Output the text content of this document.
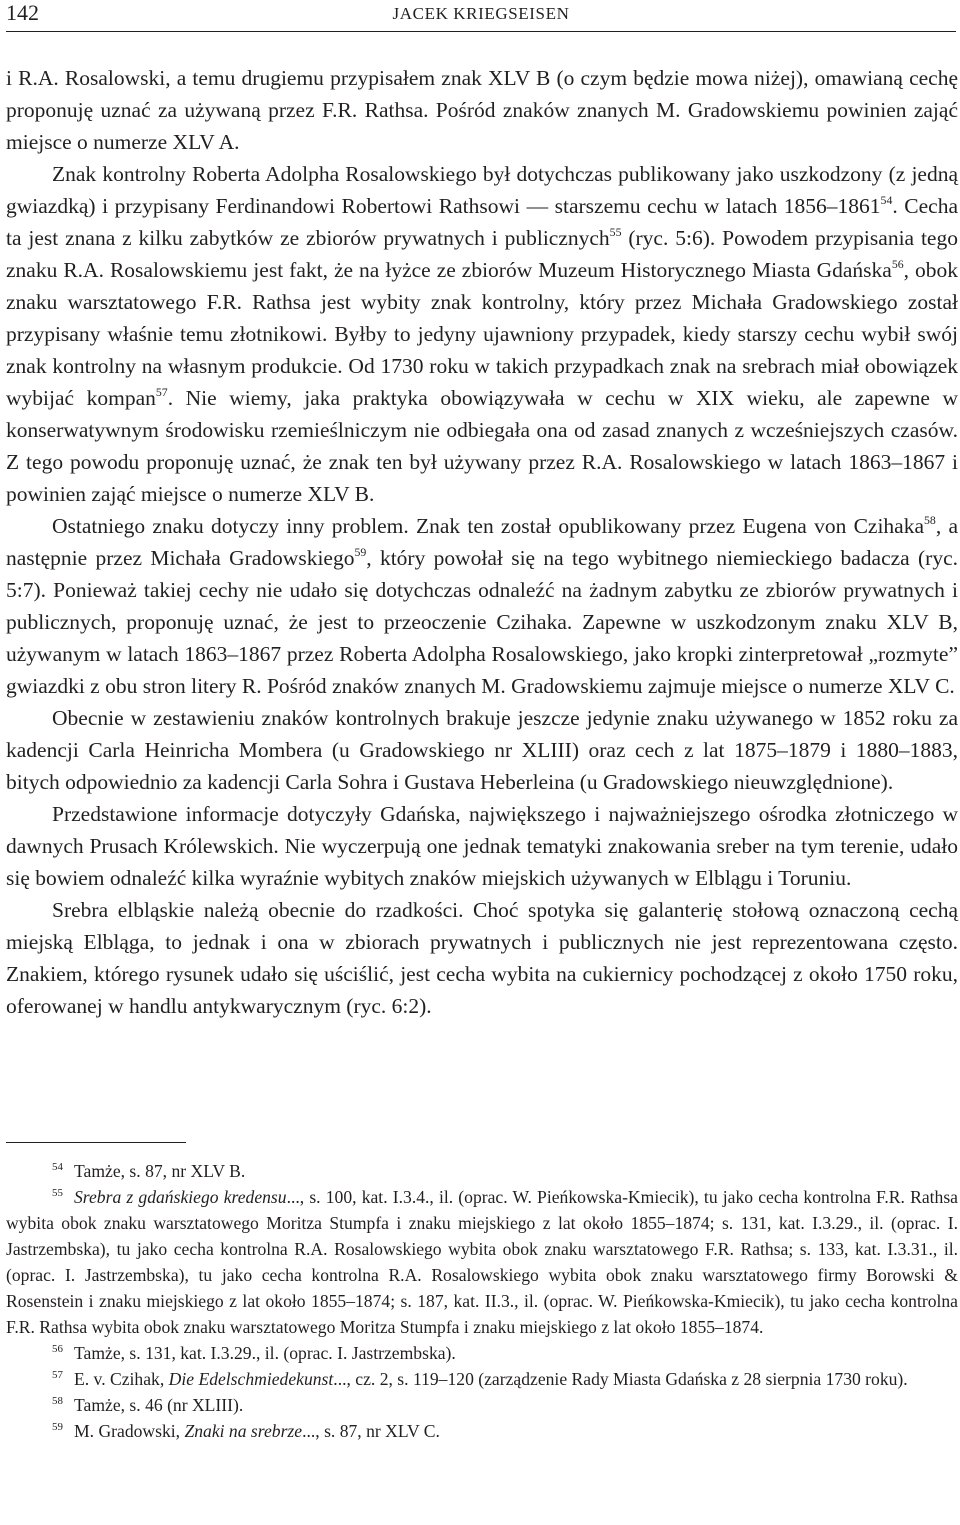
142	JACEK KRIEGSEISEN

i R.A. Rosalowski, a temu drugiemu przypisałem znak XLV B (o czym będzie mowa niżej), omawianą cechę proponuję uznać za używaną przez F.R. Rathsa. Pośród znaków znanych M. Gradowskiemu powinien zająć miejsce o numerze XLV A.

Znak kontrolny Roberta Adolpha Rosalowskiego był dotychczas publikowany jako uszkodzony (z jedną gwiazdką) i przypisany Ferdinandowi Robertowi Rathsowi — starszemu cechu w latach 1856–1861$^{54}$. Cecha ta jest znana z kilku zabytków ze zbiorów prywatnych i publicznych$^{55}$ (ryc. 5:6). Powodem przypisania tego znaku R.A. Rosalowskiemu jest fakt, że na łyżce ze zbiorów Muzeum Historycznego Miasta Gdańska$^{56}$, obok znaku warsztatowego F.R. Rathsa jest wybity znak kontrolny, który przez Michała Gradowskiego został przypisany właśnie temu złotnikowi. Byłby to jedyny ujawniony przypadek, kiedy starszy cechu wybił swój znak kontrolny na własnym produkcie. Od 1730 roku w takich przypadkach znak na srebrach miał obowiązek wybijać kompan$^{57}$. Nie wiemy, jaka praktyka obowiązywała w cechu w XIX wieku, ale zapewne w konserwatywnym środowisku rzemieślniczym nie odbiegała ona od zasad znanych z wcześniejszych czasów. Z tego powodu proponuję uznać, że znak ten był używany przez R.A. Rosalowskiego w latach 1863–1867 i powinien zająć miejsce o numerze XLV B.

Ostatniego znaku dotyczy inny problem. Znak ten został opublikowany przez Eugena von Czihaka$^{58}$, a następnie przez Michała Gradowskiego$^{59}$, który powołał się na tego wybitnego niemieckiego badacza (ryc. 5:7). Ponieważ takiej cechy nie udało się dotychczas odnaleźć na żadnym zabytku ze zbiorów prywatnych i publicznych, proponuję uznać, że jest to przeoczenie Czihaka. Zapewne w uszkodzonym znaku XLV B, używanym w latach 1863–1867 przez Roberta Adolpha Rosalowskiego, jako kropki zinterpretował „rozmyte” gwiazdki z obu stron litery R. Pośród znaków znanych M. Gradowskiemu zajmuje miejsce o numerze XLV C.

Obecnie w zestawieniu znaków kontrolnych brakuje jeszcze jedynie znaku używanego w 1852 roku za kadencji Carla Heinricha Mombera (u Gradowskiego nr XLIII) oraz cech z lat 1875–1879 i 1880–1883, bitych odpowiednio za kadencji Carla Sohra i Gustava Heberleina (u Gradowskiego nieuwzględnione).

Przedstawione informacje dotyczyły Gdańska, największego i najważniejszego ośrodka złotniczego w dawnych Prusach Królewskich. Nie wyczerpują one jednak tematyki znakowania sreber na tym terenie, udało się bowiem odnaleźć kilka wyraźnie wybitych znaków miejskich używanych w Elblągu i Toruniu.

Srebra elbląskie należą obecnie do rzadkości. Choć spotyka się galanterię stołową oznaczoną cechą miejską Elbląga, to jednak i ona w zbiorach prywatnych i publicznych nie jest reprezentowana często. Znakiem, którego rysunek udało się uściślić, jest cecha wybita na cukiernicy pochodzącej z około 1750 roku, oferowanej w handlu antykwarycznym (ryc. 6:2).

54 Tamże, s. 87, nr XLV B.

55 Srebra z gdańskiego kredensu..., s. 100, kat. I.3.4., il. (oprac. W. Pieńkowska-Kmiecik), tu jako cecha kontrolna F.R. Rathsa wybita obok znaku warsztatowego Moritza Stumpfa i znaku miejskiego z lat około 1855–1874; s. 131, kat. I.3.29., il. (oprac. I. Jastrzembska), tu jako cecha kontrolna R.A. Rosalowskiego wybita obok znaku warsztatowego F.R. Rathsa; s. 133, kat. I.3.31., il. (oprac. I. Jastrzembska), tu jako cecha kontrolna R.A. Rosalowskiego wybita obok znaku warsztatowego firmy Borowski & Rosenstein i znaku miejskiego z lat około 1855–1874; s. 187, kat. II.3., il. (oprac. W. Pieńkowska-Kmiecik), tu jako cecha kontrolna F.R. Rathsa wybita obok znaku warsztatowego Moritza Stumpfa i znaku miejskiego z lat około 1855–1874.

56 Tamże, s. 131, kat. I.3.29., il. (oprac. I. Jastrzembska).

57 E. v. Czihak, Die Edelschmiedekunst..., cz. 2, s. 119–120 (zarządzenie Rady Miasta Gdańska z 28 sierpnia 1730 roku).

58 Tamże, s. 46 (nr XLIII).

59 M. Gradowski, Znaki na srebrze..., s. 87, nr XLV C.
